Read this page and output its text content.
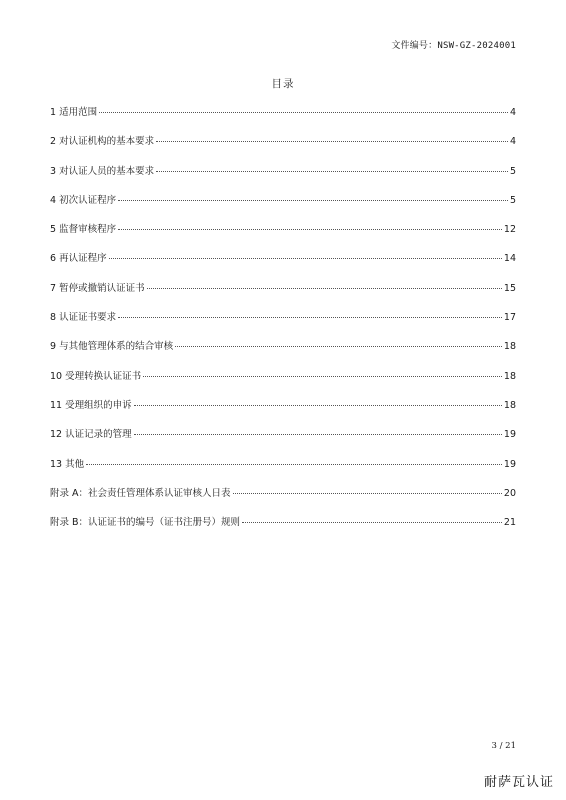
文件编号：NSW-GZ-2024001
目录
1 适用范围	4
2 对认证机构的基本要求	4
3 对认证人员的基本要求	5
4 初次认证程序	5
5 监督审核程序	12
6 再认证程序	14
7 暂停或撤销认证证书	15
8 认证证书要求	17
9 与其他管理体系的结合审核	18
10 受理转换认证证书	18
11 受理组织的申诉	18
12 认证记录的管理	19
13 其他	19
附录 A：社会责任管理体系认证审核人日表	20
附录 B：认证证书的编号（证书注册号）规则	21
3 / 21
耐萨瓦认证
